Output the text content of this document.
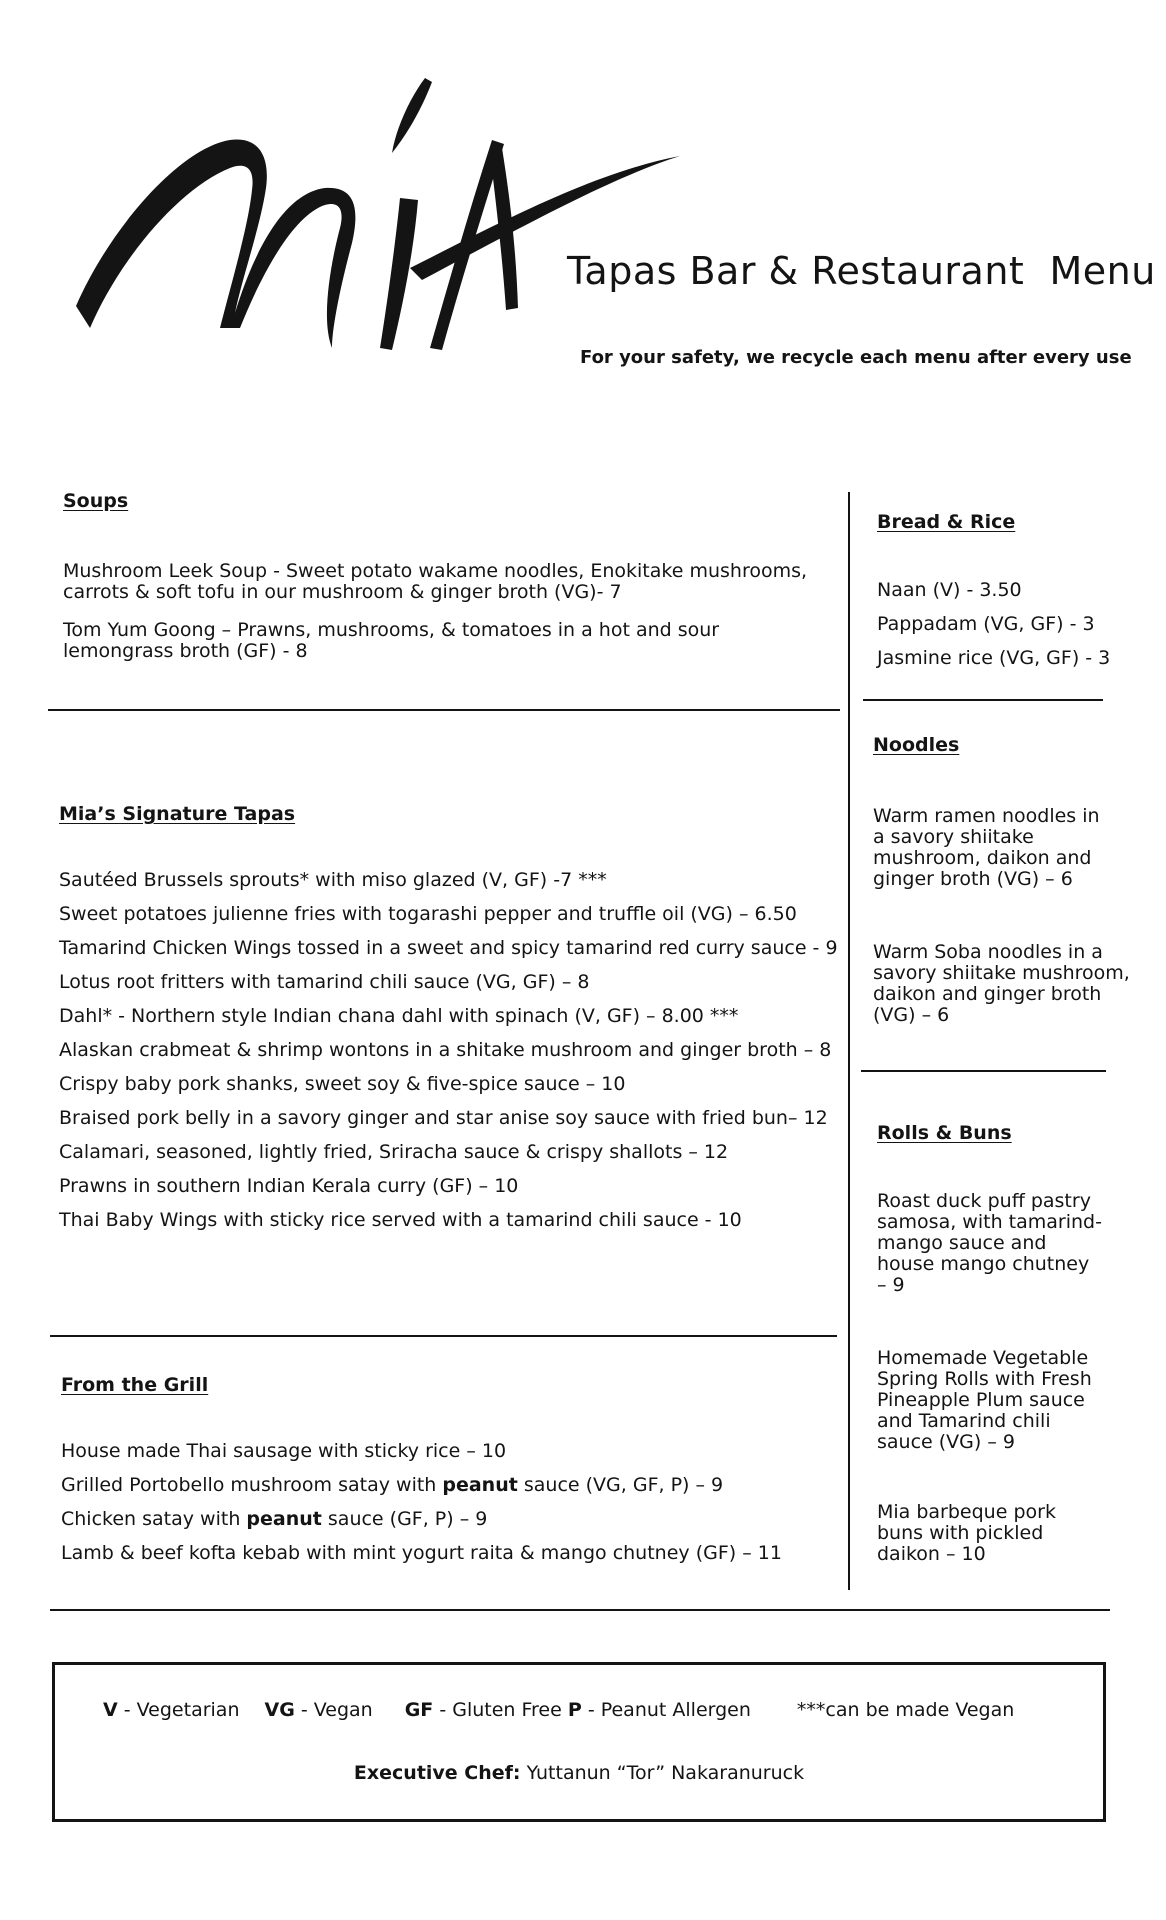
Tapas Bar & Restaurant  Menu
For your safety, we recycle each menu after every use
Soups
Mushroom Leek Soup - Sweet potato wakame noodles, Enokitake mushrooms,
carrots & soft tofu in our mushroom & ginger broth (VG)- 7
Tom Yum Goong – Prawns, mushrooms, & tomatoes in a hot and sour
lemongrass broth (GF) - 8
Mia’s Signature Tapas
Sautéed Brussels sprouts* with miso glazed (V, GF) -7 ***
Sweet potatoes julienne fries with togarashi pepper and truffle oil (VG) – 6.50
Tamarind Chicken Wings tossed in a sweet and spicy tamarind red curry sauce - 9
Lotus root fritters with tamarind chili sauce (VG, GF) – 8
Dahl* - Northern style Indian chana dahl with spinach (V, GF) – 8.00 ***
Alaskan crabmeat & shrimp wontons in a shitake mushroom and ginger broth – 8
Crispy baby pork shanks, sweet soy & five-spice sauce – 10
Braised pork belly in a savory ginger and star anise soy sauce with fried bun– 12
Calamari, seasoned, lightly fried, Sriracha sauce & crispy shallots – 12
Prawns in southern Indian Kerala curry (GF) – 10
Thai Baby Wings with sticky rice served with a tamarind chili sauce - 10
From the Grill
House made Thai sausage with sticky rice – 10
Grilled Portobello mushroom satay with peanut sauce (VG, GF, P) – 9
Chicken satay with peanut sauce (GF, P) – 9
Lamb & beef kofta kebab with mint yogurt raita & mango chutney (GF) – 11
Bread & Rice
Naan (V) - 3.50
Pappadam (VG, GF) - 3
Jasmine rice (VG, GF) - 3
Noodles
Warm ramen noodles in a savory shiitake mushroom, daikon and ginger broth (VG) – 6
Warm Soba noodles in a savory shiitake mushroom, daikon and ginger broth (VG) – 6
Rolls & Buns
Roast duck puff pastry samosa, with tamarind-mango sauce and house mango chutney – 9
Homemade Vegetable Spring Rolls with Fresh Pineapple Plum sauce and Tamarind chili sauce (VG) – 9
Mia barbeque pork buns with pickled daikon – 10
V - Vegetarian VG - Vegan GF - Gluten Free P - Peanut Allergen ***can be made Vegan
Executive Chef: Yuttanun “Tor” Nakaranuruck
